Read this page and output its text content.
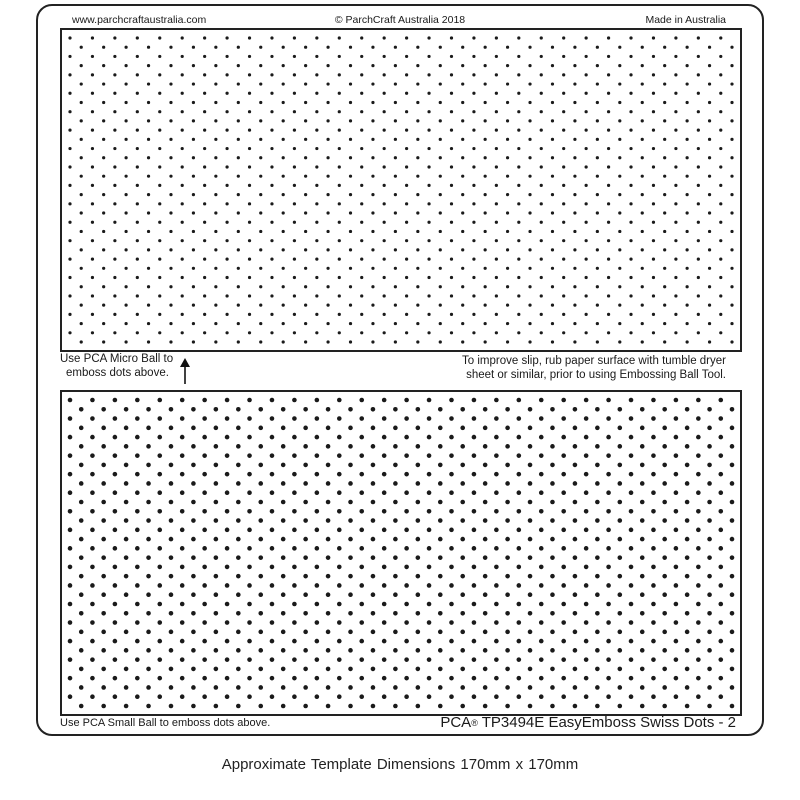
www.parchcraftaustralia.com	© ParchCraft Australia 2018	Made in Australia
Use PCA Micro Ball to
emboss dots above.
To improve slip, rub paper surface with tumble dryer
sheet or similar, prior to using Embossing Ball Tool.
Use PCA Small Ball to emboss dots above.	PCA® TP3494E EasyEmboss Swiss Dots - 2
Approximate Template Dimensions 170mm x 170mm
